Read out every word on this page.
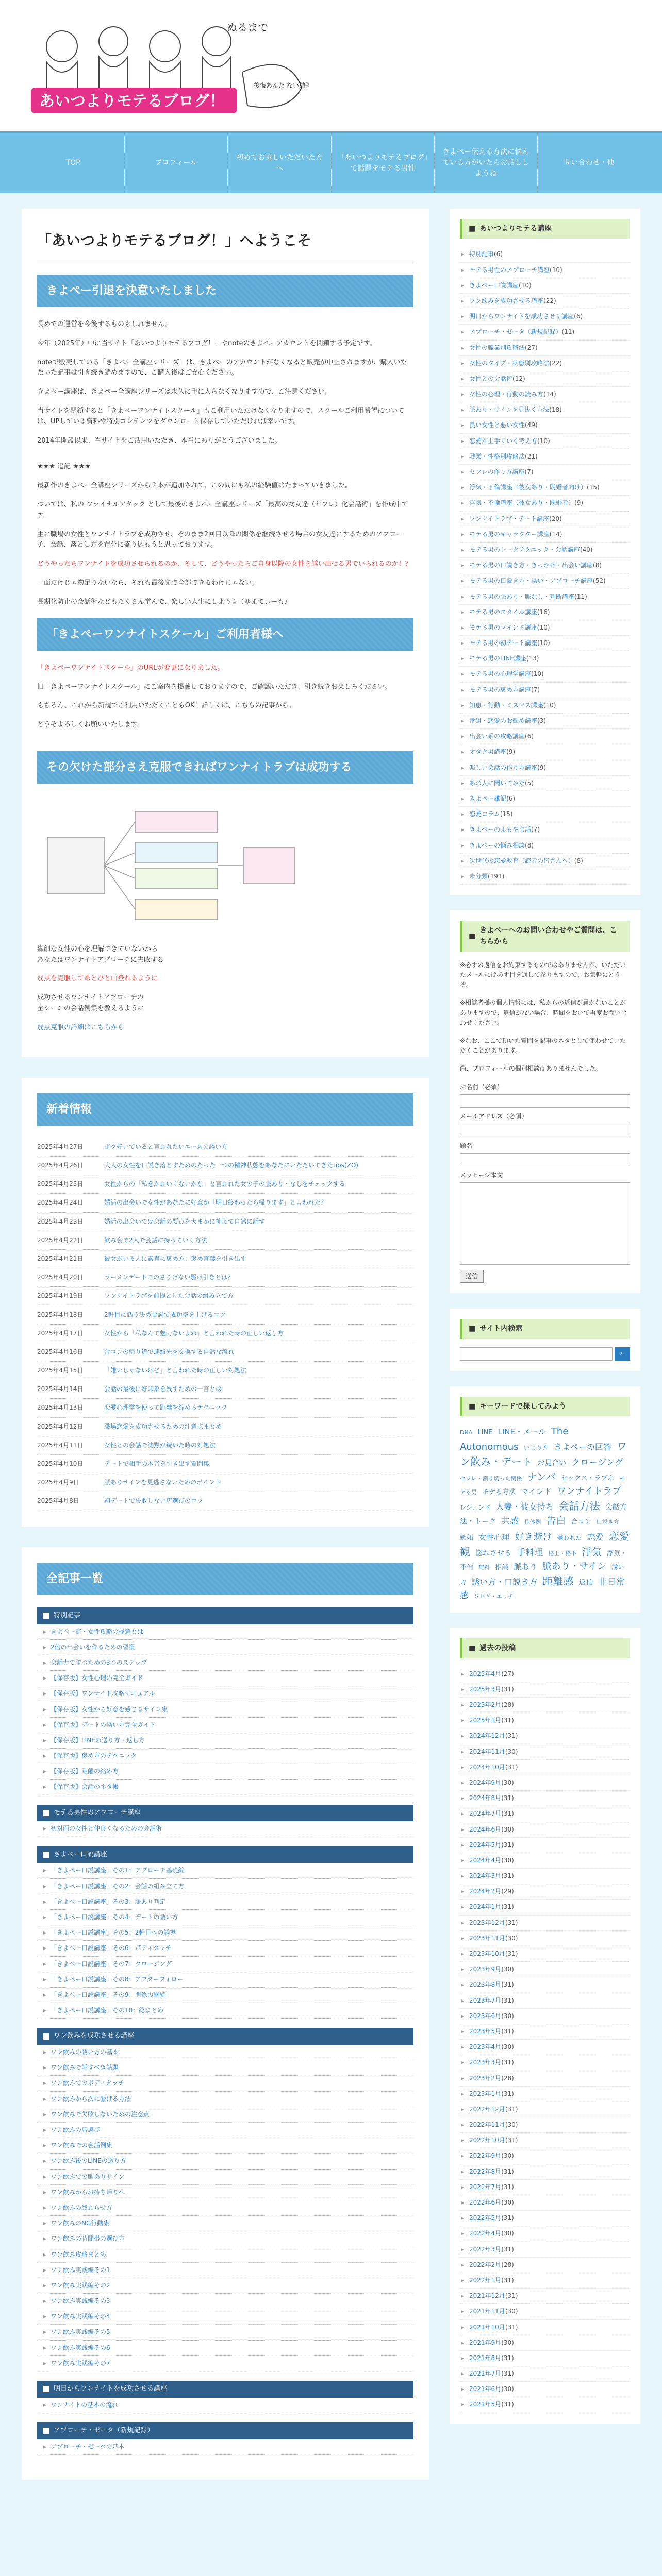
あいつよりモテるブログ！
ぬるまで
後悔あんた ない勉強
TOP	プロフィール
初めてお越しいただいた方へ
「あいつよりモテるブログ」で話題をモテる男性
きよぺー伝える方法に悩んでいる方がいたらお話ししようね
問い合わせ・他
「あいつよりモテるブログ！」へようこそ
きよぺー引退を決意いたしました

長めでの運営を今後するものもしれません。

今年（2025年）中に当サイト「あいつよりモテるブログ！」やnoteのきよぺーアカウントを閉鎖する予定です。

noteで販売している「きよぺー全講座シリーズ」は、きよぺーのアカウントがなくなると販売が中止されますが、購入いただいた記事は引き続き読めますので、ご購入後はご安心ください。

きよぺー講座は、きよぺー全講座シリーズは永久に手に入らなくなりますので、ご注意ください。

当サイトを閉鎖すると「きよぺーワンナイトスクール」もご利用いただけなくなりますので、スクールご利用希望については、UPしている資料や特別コンテンツをダウンロード保存していただければ幸いです。

2014年開設以来、当サイトをご活用いただき、本当にありがとうございました。

★★★ 追記 ★★★

最新作のきよぺー全講座シリーズから２本が追加されて、この間にも私の経験値はたまっていきました。

ついては、私の ファイナルアタック として最後のきよぺー全講座シリーズ「最高の女友達（セフレ）化会話術」を作成中です。

主に職場の女性とワンナイトラブを成功させ、そのまま2回目以降の関係を継続させる場合の女友達にするためのアプローチ、会話、落とし方を存分に盛り込もうと思っております。

どうやったらワンナイトを成功させられるのか、そして、どうやったらご自身以降の女性を誘い出せる男でいられるのか！？

一面だけじゃ物足りないなら、それも最後まで全部できるわけじゃない。

長期化防止の会話術などもたくさん学んで、楽しい人生にしよう☆（ゆまてぃーも）

「きよぺーワンナイトスクール」ご利用者様へ

「きよぺーワンナイトスクール」のURLが変更になりました。

旧「きよぺーワンナイトスクール」にご案内を掲載しておりますので、ご確認いただき、引き続きお楽しみください。

もちろん、これから新規でご利用いただくこともOK！詳しくは、こちらの記事から。

どうぞよろしくお願いいたします。

その欠けた部分さえ克服できればワンナイトラブは成功する

繊細な女性の心を理解できていないから
あなたはワンナイトアプローチに失敗する

弱点を克服してあとひと山登れるように

成功させるワンナイトアプローチの
全シーンの会話例集を教えるように

弱点克服の詳細はこちらから

新着情報
2025年4月27日	ボク好いていると言われたいエースの誘い方
2025年4月26日	大人の女性を口説き落とすためのたった一つの精神状態をあなたにいただいてきたtips(ZO)
2025年4月25日	女性からの「私をかわいくないかな」と言われた女の子の脈あり・なしをチェックする
2025年4月24日	婚活の出会いで女性があなたに好意か「明日終わったら帰ります」と言われた？
2025年4月23日	婚活の出会いでは会話の要点を大まかに抑えて自然に話す
2025年4月22日	飲み会で2人で会話に持っていく方法
2025年4月21日	彼女がいる人に素直に褒め方：褒め言葉を引き出す
2025年4月20日	ラーメンデートでのさりげない駆け引きとは？
2025年4月19日	ワンナイトラブを前提とした会話の組み立て方
2025年4月18日	2軒目に誘う決め台詞で成功率を上げるコツ
2025年4月17日	女性から「私なんて魅力ないよね」と言われた時の正しい返し方
2025年4月16日	合コンの帰り道で連絡先を交換する自然な流れ
2025年4月15日	「嫌いじゃないけど」と言われた時の正しい対処法
2025年4月14日	会話の最後に好印象を残すための一言とは
2025年4月13日	恋愛心理学を使って距離を縮めるテクニック
2025年4月12日	職場恋愛を成功させるための注意点まとめ
2025年4月11日	女性との会話で沈黙が続いた時の対処法
2025年4月10日	デートで相手の本音を引き出す質問集
2025年4月9日	脈ありサインを見逃さないためのポイント
2025年4月8日	初デートで失敗しない店選びのコツ
全記事一覧
特別記事
▸ きよぺー流・女性攻略の極意とは
▸ 2倍の出会いを作るための習慣
▸ 会話力で勝つための3つのステップ
▸ 【保存版】女性心理の完全ガイド
▸ 【保存版】ワンナイト攻略マニュアル
▸ 【保存版】女性から好意を感じるサイン集
▸ 【保存版】デートの誘い方完全ガイド
▸ 【保存版】LINEの送り方・返し方
▸ 【保存版】褒め方のテクニック
▸ 【保存版】距離の縮め方
▸ 【保存版】会話のネタ帳
モテる男性のアプローチ講座
▸ 初対面の女性と仲良くなるための会話術
きよぺー口説講座
▸ 「きよぺー口説講座」その1：アプローチ基礎編
▸ 「きよぺー口説講座」その2：会話の組み立て方
▸ 「きよぺー口説講座」その3：脈あり判定
▸ 「きよぺー口説講座」その4：デートの誘い方
▸ 「きよぺー口説講座」その5：2軒目への誘導
▸ 「きよぺー口説講座」その6：ボディタッチ
▸ 「きよぺー口説講座」その7：クロージング
▸ 「きよぺー口説講座」その8：アフターフォロー
▸ 「きよぺー口説講座」その9：関係の継続
▸ 「きよぺー口説講座」その10：総まとめ
ワン飲みを成功させる講座
▸ ワン飲みの誘い方の基本
▸ ワン飲みで話すべき話題
▸ ワン飲みでのボディタッチ
▸ ワン飲みから次に繋げる方法
▸ ワン飲みで失敗しないための注意点
▸ ワン飲みの店選び
▸ ワン飲みでの会話例集
▸ ワン飲み後のLINEの送り方
▸ ワン飲みでの脈ありサイン
▸ ワン飲みからお持ち帰りへ
▸ ワン飲みの終わらせ方
▸ ワン飲みのNG行動集
▸ ワン飲みの時間帯の選び方
▸ ワン飲み攻略まとめ
▸ ワン飲み実践編その1
▸ ワン飲み実践編その2
▸ ワン飲み実践編その3
▸ ワン飲み実践編その4
▸ ワン飲み実践編その5
▸ ワン飲み実践編その6
▸ ワン飲み実践編その7
明日からワンナイトを成功させる講座
▸ ワンナイトの基本の流れ
アプローチ・ゼータ（新規記録）
▸ アプローチ・ゼータの基本
■ あいつよりモテる講座
▸ 特別記事(6)
▸ モテる男性のアプローチ講座(10)
▸ きよぺー口説講座(10)
▸ ワン飲みを成功させる講座(22)
▸ 明日からワンナイトを成功させる講座(6)
▸ アプローチ・ゼータ（新規記録）(11)
▸ 女性の職業別攻略法(27)
▸ 女性のタイプ・状態別攻略法(22)
▸ 女性との会話術(12)
▸ 女性の心理・行動の読み方(14)
▸ 脈あり・サインを見抜く方法(18)
▸ 良い女性と悪い女性(49)
▸ 恋愛が上手くいく考え方(10)
▸ 職業・性格別攻略法(21)
▸ セフレの作り方講座(7)
▸ 浮気・不倫講座（彼女あり・既婚者向け）(15)
▸ 浮気・不倫講座（彼女あり・既婚者）(9)
▸ ワンナイトラブ・デート講座(20)
▸ モテる男のキャラクター講座(14)
▸ モテる男のトークテクニック・会話講座(40)
▸ モテる男の口説き方・きっかけ・出会い講座(8)
▸ モテる男の口説き方・誘い・アプローチ講座(52)
▸ モテる男の脈あり・脈なし・判断講座(11)
▸ モテる男のスタイル講座(16)
▸ モテる男のマインド講座(10)
▸ モテる男の初デート講座(10)
▸ モテる男のLINE講座(13)
▸ モテる男の心理学講座(10)
▸ モテる男の褒め方講座(7)
▸ 知恵・行動・ミスマス講座(10)
▸ 番組・恋愛のお勧め講座(3)
▸ 出会い系の攻略講座(6)
▸ オタク男講座(9)
▸ 楽しい会話の作り方講座(9)
▸ あの人に聞いてみた(5)
▸ きよぺー雑記(6)
▸ 恋愛コラム(15)
▸ きよぺーのよもやま話(7)
▸ きよぺーの悩み相談(8)
▸ 次世代の恋愛教育（読者の皆さんへ）(8)
▸ 未分類(191)
■
きよぺーへのお問い合わせやご質問は、こちらから

※必ずの返信をお約束するものではありませんが、いただいたメールには必ず目を通して参りますので、お気軽にどうぞ。

※相談者様の個人情報には、私からの返信が届かないことがありますので、返信がない場合、時間をおいて再度お問い合わせください。

※なお、ここで頂いた質問を記事のネタとして使わせていただくことがあります。

尚、プロフィールの個別相談はありませんでした。

お名前（必須）
メールアドレス（必須）
題名
メッセージ本文
送信
■ サイト内検索
⌕
■ キーワードで探してみよう
DNA LINE LINE・メール The Autonomous いじり方 きよぺーの回答 ワン飲み・デート お見合い クロージング セフレ・割り切った関係 ナンパ セックス・ラブホ モテる男 モテる方法 マインド ワンナイトラブ レジェンド 人妻・彼女持ち 会話方法 会話方法・トーク 共感 具体例 告白 合コン 口説き方 嫉妬 女性心理 好き避け 嫌われた 恋愛 恋愛観 惚れさせる 手料理 格上・格下 浮気 浮気・不倫 無料 相談 脈あり 脈あり・サイン 誘い方 誘い方・口説き方 距離感 返信 非日常感 ＳＥＸ・エッチ
■ 過去の投稿
▸ 2025年4月(27)
▸ 2025年3月(31)
▸ 2025年2月(28)
▸ 2025年1月(31)
▸ 2024年12月(31)
▸ 2024年11月(30)
▸ 2024年10月(31)
▸ 2024年9月(30)
▸ 2024年8月(31)
▸ 2024年7月(31)
▸ 2024年6月(30)
▸ 2024年5月(31)
▸ 2024年4月(30)
▸ 2024年3月(31)
▸ 2024年2月(29)
▸ 2024年1月(31)
▸ 2023年12月(31)
▸ 2023年11月(30)
▸ 2023年10月(31)
▸ 2023年9月(30)
▸ 2023年8月(31)
▸ 2023年7月(31)
▸ 2023年6月(30)
▸ 2023年5月(31)
▸ 2023年4月(30)
▸ 2023年3月(31)
▸ 2023年2月(28)
▸ 2023年1月(31)
▸ 2022年12月(31)
▸ 2022年11月(30)
▸ 2022年10月(31)
▸ 2022年9月(30)
▸ 2022年8月(31)
▸ 2022年7月(31)
▸ 2022年6月(30)
▸ 2022年5月(31)
▸ 2022年4月(30)
▸ 2022年3月(31)
▸ 2022年2月(28)
▸ 2022年1月(31)
▸ 2021年12月(31)
▸ 2021年11月(30)
▸ 2021年10月(31)
▸ 2021年9月(30)
▸ 2021年8月(31)
▸ 2021年7月(31)
▸ 2021年6月(30)
▸ 2021年5月(31)
